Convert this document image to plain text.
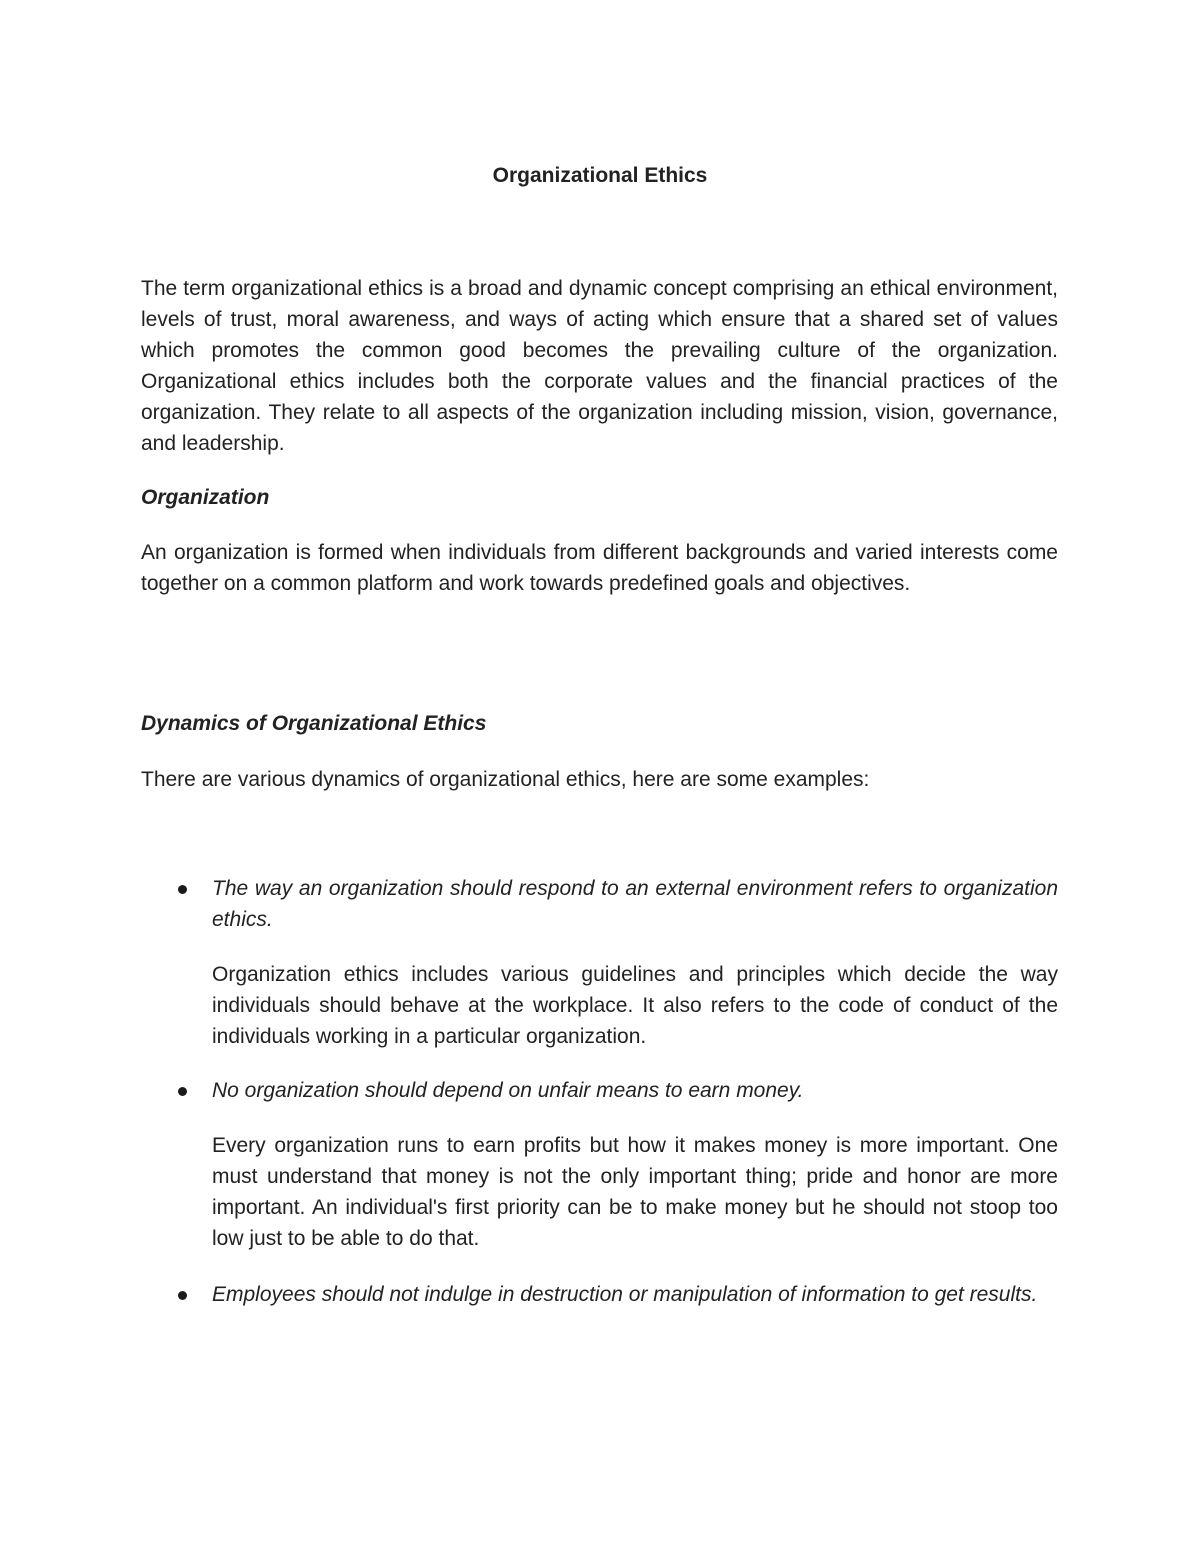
Organizational Ethics

The term organizational ethics is a broad and dynamic concept comprising an ethical environment, levels of trust, moral awareness, and ways of acting which ensure that a shared set of values which promotes the common good becomes the prevailing culture of the organization. Organizational ethics includes both the corporate values and the financial practices of the organization. They relate to all aspects of the organization including mission, vision, governance, and leadership.

Organization

An organization is formed when individuals from different backgrounds and varied interests come together on a common platform and work towards predefined goals and objectives.

Dynamics of Organizational Ethics

There are various dynamics of organizational ethics, here are some examples:

The way an organization should respond to an external environment refers to organization ethics.

Organization ethics includes various guidelines and principles which decide the way individuals should behave at the workplace. It also refers to the code of conduct of the individuals working in a particular organization.

No organization should depend on unfair means to earn money.

Every organization runs to earn profits but how it makes money is more important. One must understand that money is not the only important thing; pride and honor are more important. An individual's first priority can be to make money but he should not stoop too low just to be able to do that.

Employees should not indulge in destruction or manipulation of information to get results.
